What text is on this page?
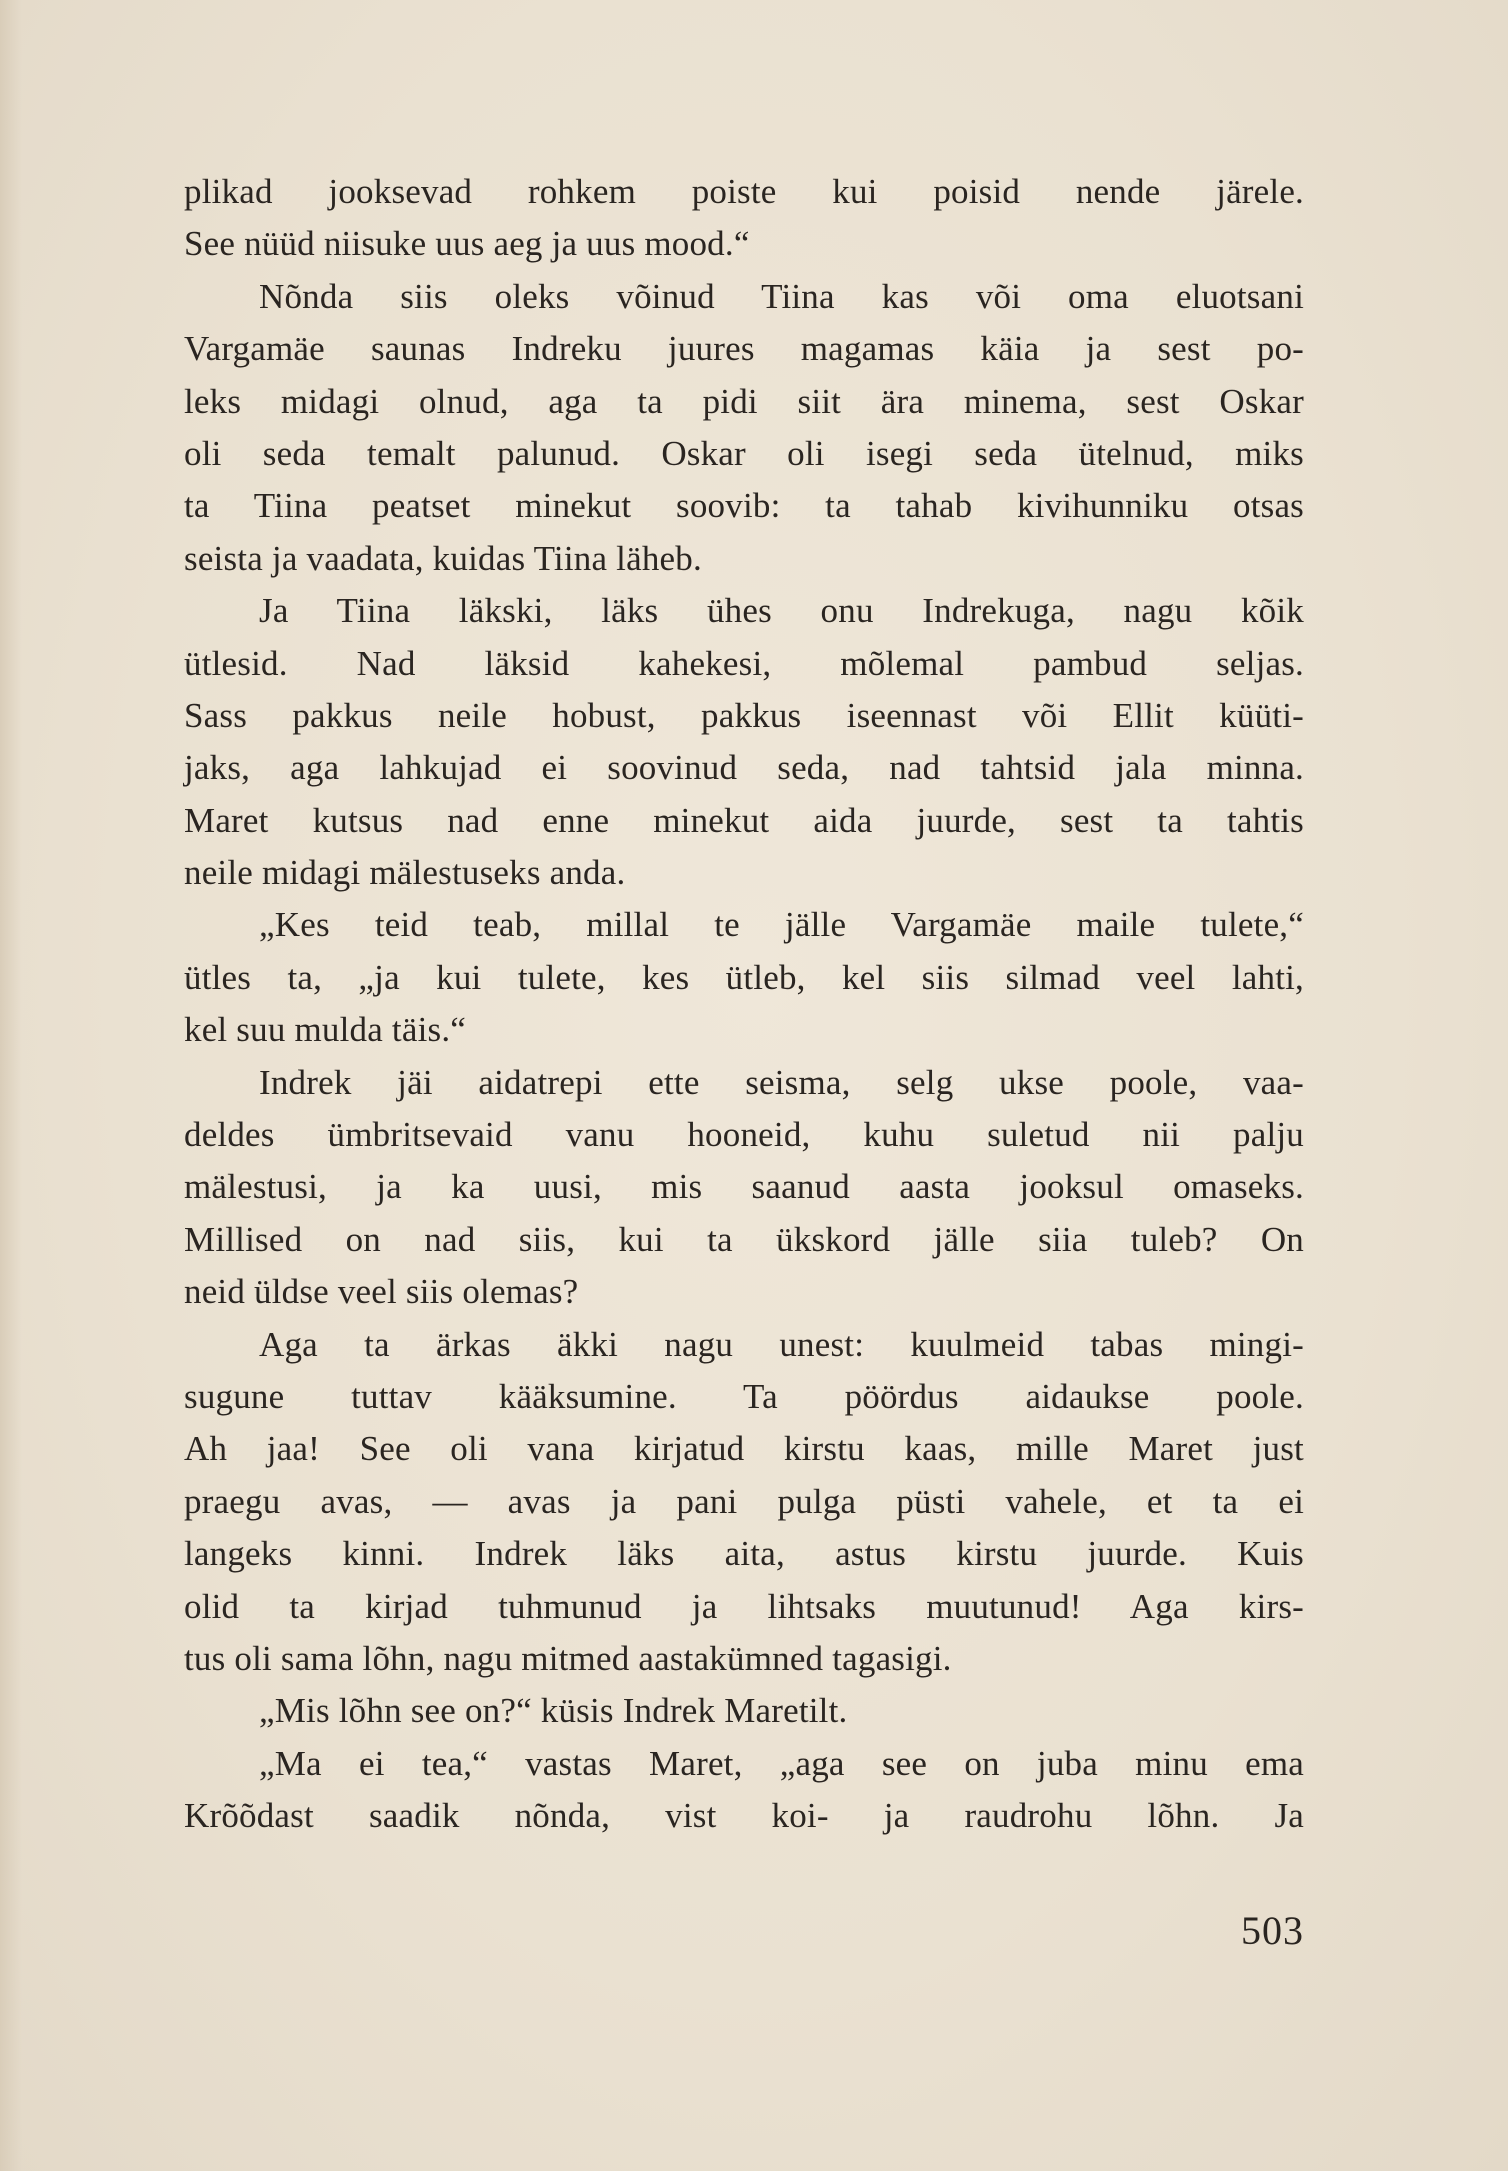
plikad jooksevad rohkem poiste kui poisid nende järele.
See nüüd niisuke uus aeg ja uus mood.“
Nõnda siis oleks võinud Tiina kas või oma eluotsani
Vargamäe saunas Indreku juures magamas käia ja sest po-
leks midagi olnud, aga ta pidi siit ära minema, sest Oskar
oli seda temalt palunud. Oskar oli isegi seda ütelnud, miks
ta Tiina peatset minekut soovib: ta tahab kivihunniku otsas
seista ja vaadata, kuidas Tiina läheb.
Ja Tiina läkski, läks ühes onu Indrekuga, nagu kõik
ütlesid. Nad läksid kahekesi, mõlemal pambud seljas.
Sass pakkus neile hobust, pakkus iseennast või Ellit küüti-
jaks, aga lahkujad ei soovinud seda, nad tahtsid jala minna.
Maret kutsus nad enne minekut aida juurde, sest ta tahtis
neile midagi mälestuseks anda.
„Kes teid teab, millal te jälle Vargamäe maile tulete,“
ütles ta, „ja kui tulete, kes ütleb, kel siis silmad veel lahti,
kel suu mulda täis.“
Indrek jäi aidatrepi ette seisma, selg ukse poole, vaa-
deldes ümbritsevaid vanu hooneid, kuhu suletud nii palju
mälestusi, ja ka uusi, mis saanud aasta jooksul omaseks.
Millised on nad siis, kui ta ükskord jälle siia tuleb? On
neid üldse veel siis olemas?
Aga ta ärkas äkki nagu unest: kuulmeid tabas mingi-
sugune tuttav kääksumine. Ta pöördus aidaukse poole.
Ah jaa! See oli vana kirjatud kirstu kaas, mille Maret just
praegu avas, — avas ja pani pulga püsti vahele, et ta ei
langeks kinni. Indrek läks aita, astus kirstu juurde. Kuis
olid ta kirjad tuhmunud ja lihtsaks muutunud! Aga kirs-
tus oli sama lõhn, nagu mitmed aastakümned tagasigi.
„Mis lõhn see on?“ küsis Indrek Maretilt.
„Ma ei tea,“ vastas Maret, „aga see on juba minu ema
Krõõdast saadik nõnda, vist koi- ja raudrohu lõhn. Ja
503
